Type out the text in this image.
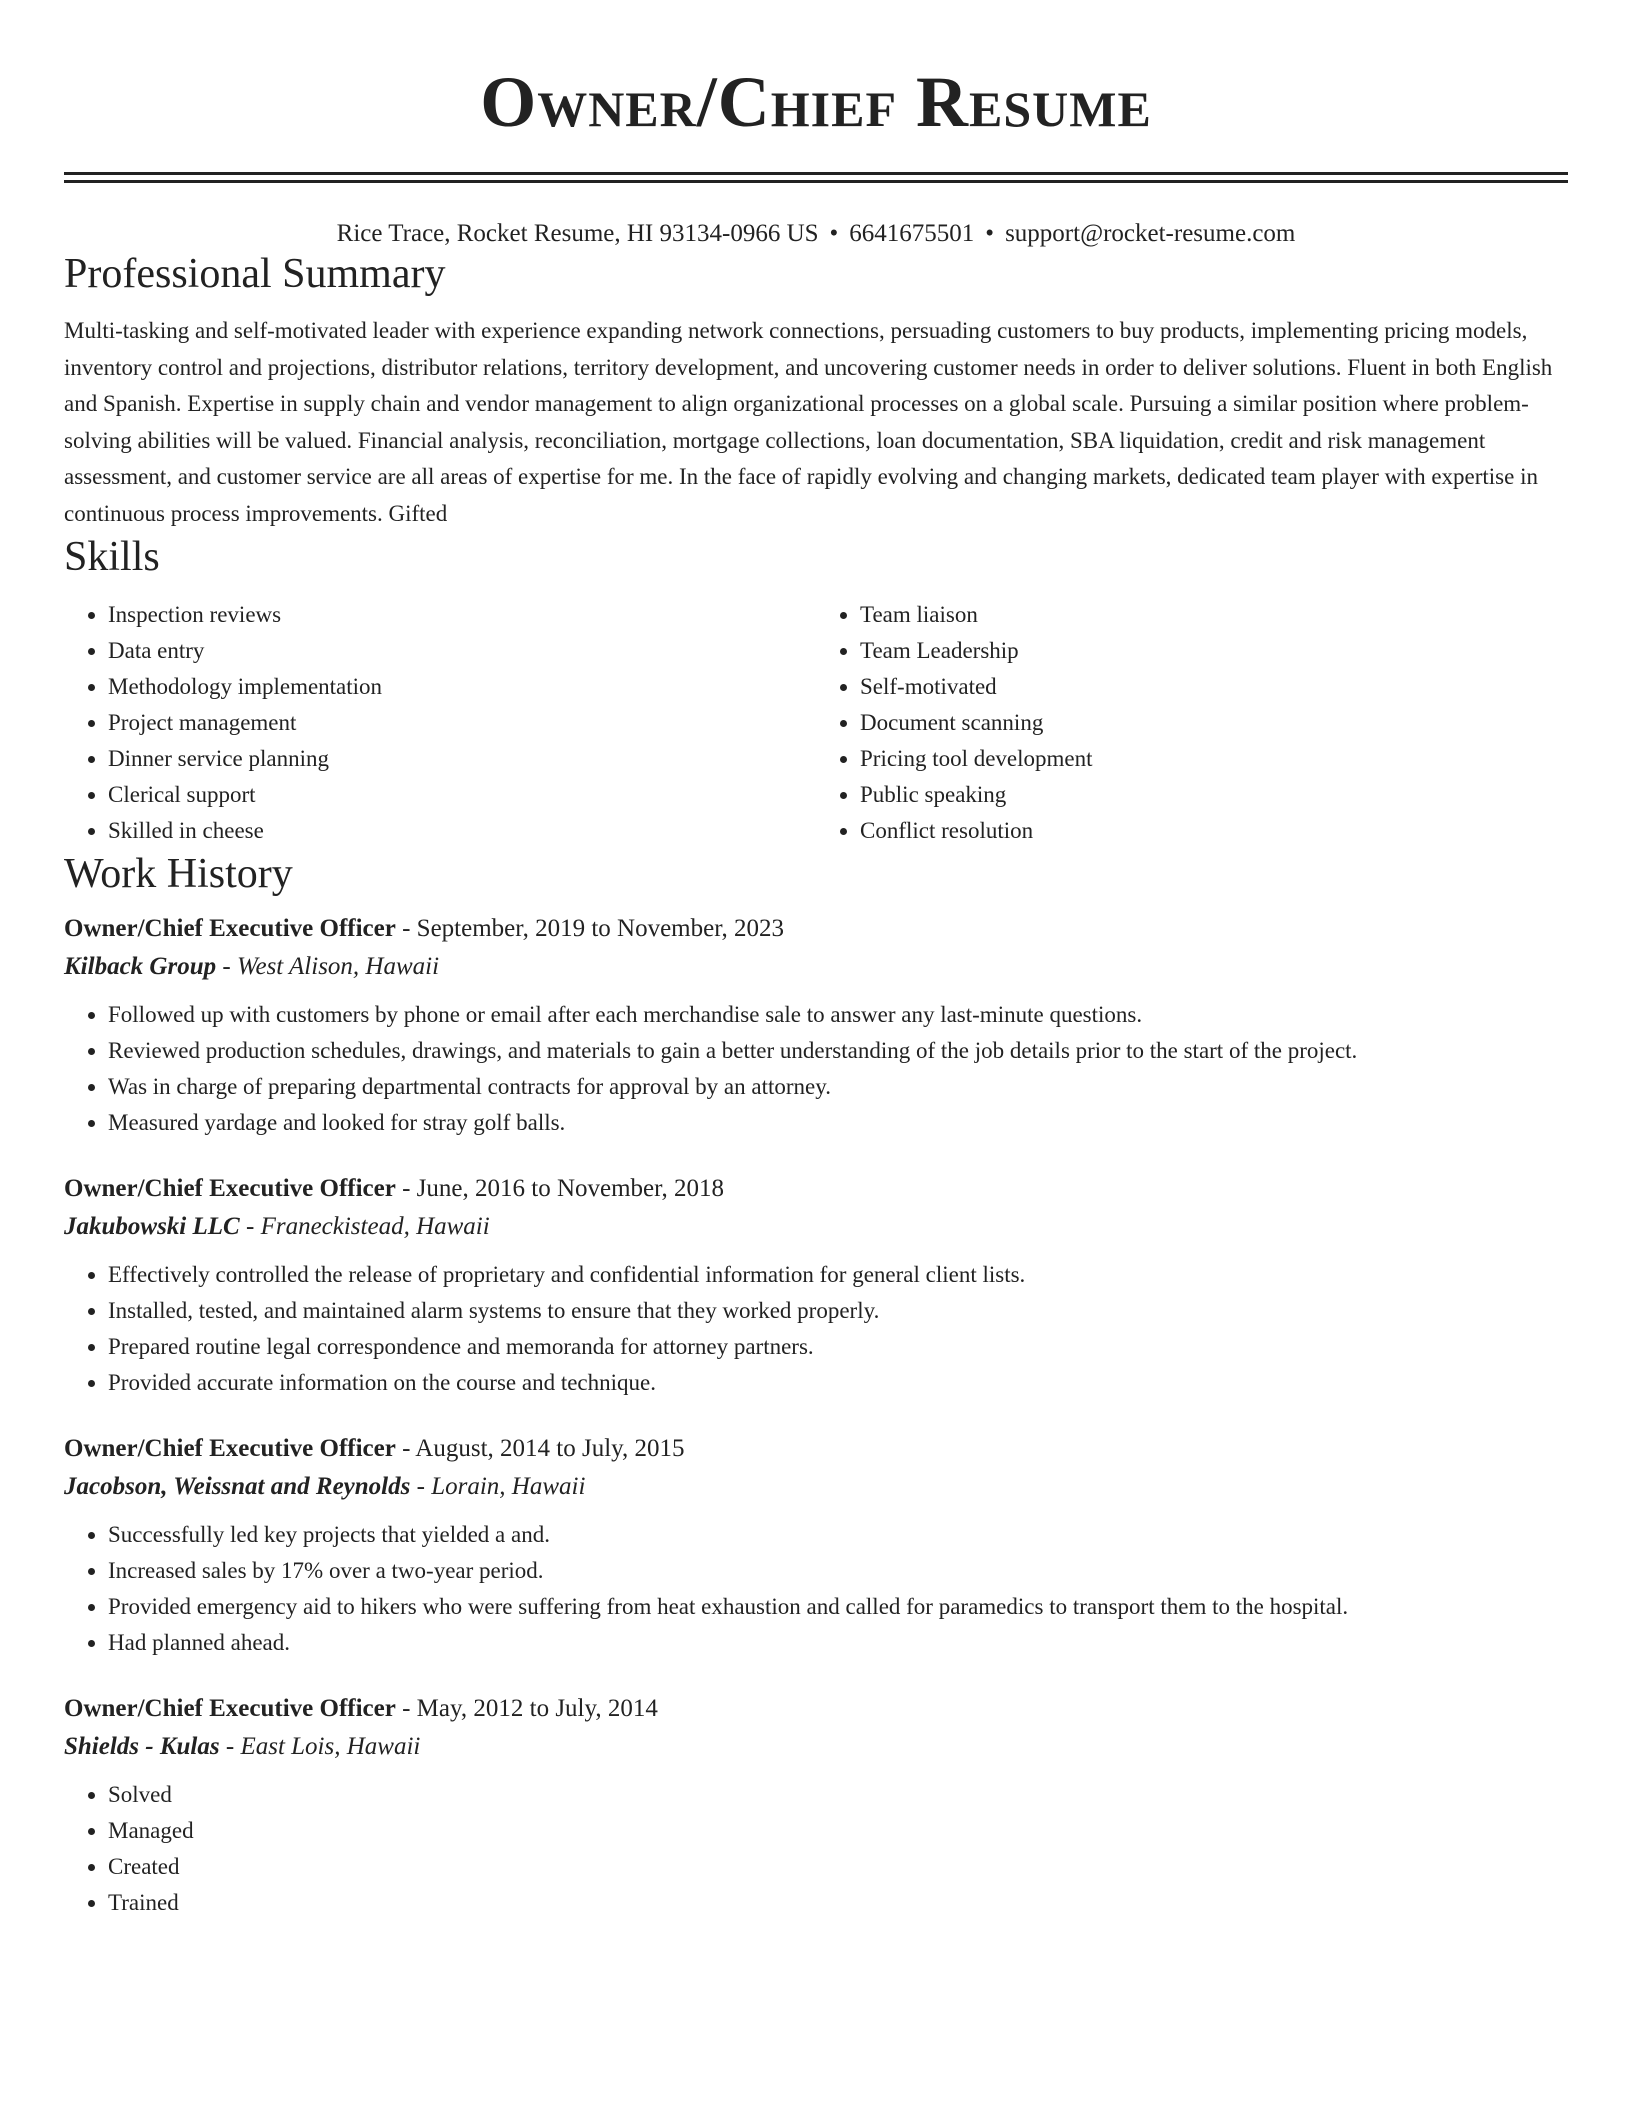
Owner/Chief Resume
Rice Trace, Rocket Resume, HI 93134-0966 US • 6641675501 • support@rocket-resume.com
Professional Summary
Multi-tasking and self-motivated leader with experience expanding network connections, persuading customers to buy products, implementing pricing models, inventory control and projections, distributor relations, territory development, and uncovering customer needs in order to deliver solutions. Fluent in both English and Spanish. Expertise in supply chain and vendor management to align organizational processes on a global scale. Pursuing a similar position where problem-solving abilities will be valued. Financial analysis, reconciliation, mortgage collections, loan documentation, SBA liquidation, credit and risk management assessment, and customer service are all areas of expertise for me. In the face of rapidly evolving and changing markets, dedicated team player with expertise in continuous process improvements. Gifted
Skills
• Inspection reviews
• Data entry
• Methodology implementation
• Project management
• Dinner service planning
• Clerical support
• Skilled in cheese
• Team liaison
• Team Leadership
• Self-motivated
• Document scanning
• Pricing tool development
• Public speaking
• Conflict resolution
Work History
Owner/Chief Executive Officer - September, 2019 to November, 2023
Kilback Group - West Alison, Hawaii
• Followed up with customers by phone or email after each merchandise sale to answer any last-minute questions.
• Reviewed production schedules, drawings, and materials to gain a better understanding of the job details prior to the start of the project.
• Was in charge of preparing departmental contracts for approval by an attorney.
• Measured yardage and looked for stray golf balls.
Owner/Chief Executive Officer - June, 2016 to November, 2018
Jakubowski LLC - Franeckistead, Hawaii
• Effectively controlled the release of proprietary and confidential information for general client lists.
• Installed, tested, and maintained alarm systems to ensure that they worked properly.
• Prepared routine legal correspondence and memoranda for attorney partners.
• Provided accurate information on the course and technique.
Owner/Chief Executive Officer - August, 2014 to July, 2015
Jacobson, Weissnat and Reynolds - Lorain, Hawaii
• Successfully led key projects that yielded a and.
• Increased sales by 17% over a two-year period.
• Provided emergency aid to hikers who were suffering from heat exhaustion and called for paramedics to transport them to the hospital.
• Had planned ahead.
Owner/Chief Executive Officer - May, 2012 to July, 2014
Shields - Kulas - East Lois, Hawaii
• Solved
• Managed
• Created
• Trained
